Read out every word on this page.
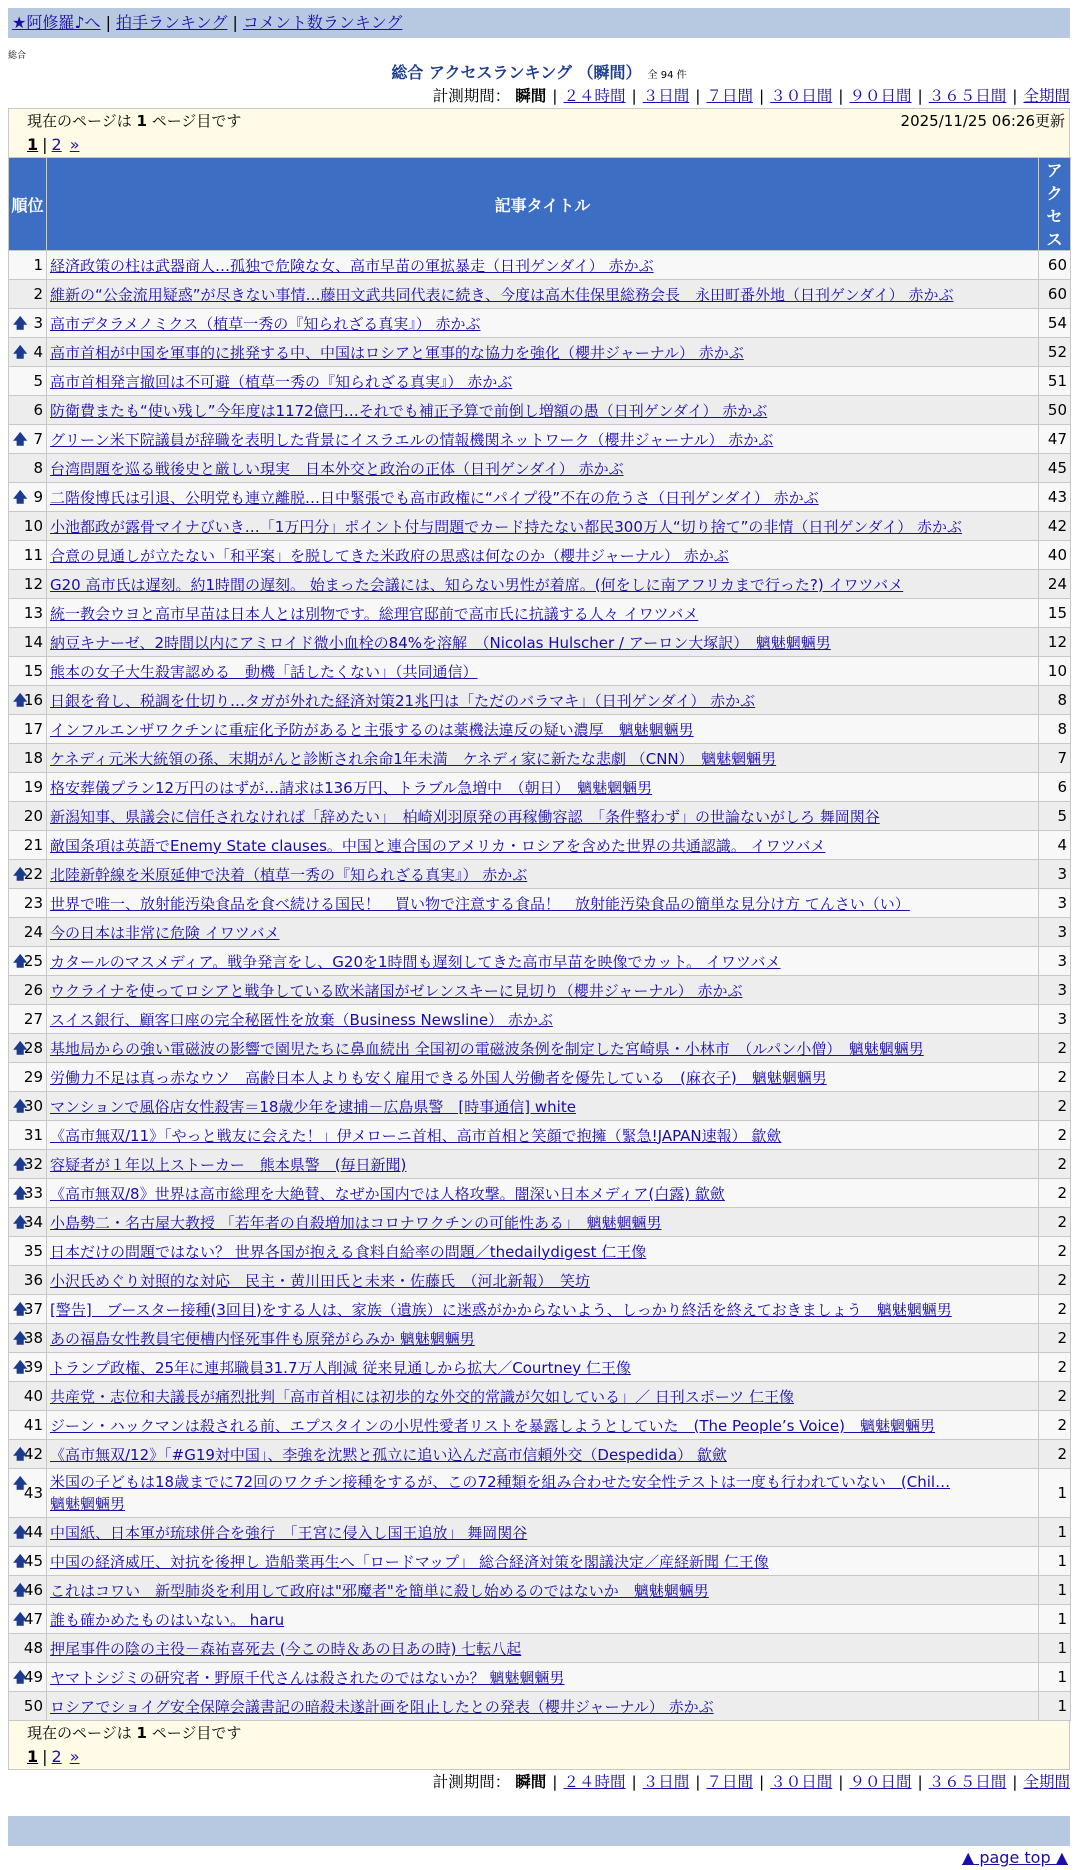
★阿修羅♪へ | 拍手ランキング | コメント数ランキング
総合
総合 アクセスランキング （瞬間） 全 94 件
計測期間： 瞬間 | ２４時間 | ３日間 | ７日間 | ３０日間 | ９０日間 | ３６５日間 | 全期間
現在のページは 1 ページ目です	2025/11/25 06:26更新
1 | 2 »
順位	記事タイトル	アクセス
1	経済政策の柱は武器商人…孤独で危険な女、高市早苗の軍拡暴走（日刊ゲンダイ） 赤かぶ	60
2	維新の“公金流用疑惑”が尽きない事情…藤田文武共同代表に続き、今度は高木佳保里総務会長　永田町番外地（日刊ゲンダイ） 赤かぶ	60

🡅 3	高市デタラメノミクス（植草一秀の『知られざる真実』） 赤かぶ	54

🡅 4	高市首相が中国を軍事的に挑発する中、中国はロシアと軍事的な協力を強化（櫻井ジャーナル） 赤かぶ	52
5	高市首相発言撤回は不可避（植草一秀の『知られざる真実』） 赤かぶ	51
6	防衛費またも“使い残し”今年度は1172億円…それでも補正予算で前倒し増額の愚（日刊ゲンダイ） 赤かぶ	50

🡅 7	グリーン米下院議員が辞職を表明した背景にイスラエルの情報機関ネットワーク（櫻井ジャーナル） 赤かぶ	47
8	台湾問題を巡る戦後史と厳しい現実　日本外交と政治の正体（日刊ゲンダイ） 赤かぶ	45

🡅 9	二階俊博氏は引退、公明党も連立離脱…日中緊張でも高市政権に“パイプ役”不在の危うさ（日刊ゲンダイ） 赤かぶ	43
10	小池都政が露骨マイナびいき…「1万円分」ポイント付与問題でカード持たない都民300万人“切り捨て”の非情（日刊ゲンダイ） 赤かぶ	42
11	合意の見通しが立たない「和平案」を脱してきた米政府の思惑は何なのか（櫻井ジャーナル） 赤かぶ	40
12	G20 高市氏は遅刻。約1時間の遅刻。 始まった会議には、知らない男性が着席。(何をしに南アフリカまで行った?) イワツバメ	24
13	統一教会ウヨと高市早苗は日本人とは別物です。総理官邸前で高市氏に抗議する人々 イワツバメ	15
14	納豆キナーゼ、2時間以内にアミロイド微小血栓の84%を溶解　（Nicolas Hulscher / アーロン大塚訳）　魑魅魍魎男	12
15	熊本の女子大生殺害認める　動機「話したくない」（共同通信）	10

🡅
16	日銀を脅し、税調を仕切り…タガが外れた経済対策21兆円は「ただのバラマキ」（日刊ゲンダイ） 赤かぶ	8
17	インフルエンザワクチンに重症化予防があると主張するのは薬機法違反の疑い濃厚　魑魅魍魎男	8
18	ケネディ元米大統領の孫、末期がんと診断され余命1年未満　ケネディ家に新たな悲劇 （CNN）　魑魅魍魎男	7
19	格安葬儀プラン12万円のはずが…請求は136万円、トラブル急増中　（朝日）　魑魅魍魎男	6
20	新潟知事、県議会に信任されなければ「辞めたい」　柏崎刈羽原発の再稼働容認　「条件整わず」の世論ないがしろ 舞岡関谷	5
21	敵国条項は英語でEnemy State clauses。中国と連合国のアメリカ・ロシアを含めた世界の共通認識。 イワツバメ	4

🡅
22	北陸新幹線を米原延伸で決着（植草一秀の『知られざる真実』） 赤かぶ	3
23	世界で唯一、放射能汚染食品を食べ続ける国民！　買い物で注意する食品！　放射能汚染食品の簡単な見分け方 てんさい（い）	3
24	今の日本は非常に危険 イワツバメ	3

🡅
25	カタールのマスメディア。戦争発言をし、G20を1時間も遅刻してきた高市早苗を映像でカット。 イワツバメ	3
26	ウクライナを使ってロシアと戦争している欧米諸国がゼレンスキーに見切り（櫻井ジャーナル） 赤かぶ	3
27	スイス銀行、顧客口座の完全秘匿性を放棄（Business Newsline） 赤かぶ	3

🡅
28	基地局からの強い電磁波の影響で園児たちに鼻血続出 全国初の電磁波条例を制定した宮崎県・小林市　（ルパン小僧）　魑魅魍魎男	2
29	労働力不足は真っ赤なウソ　高齢日本人よりも安く雇用できる外国人労働者を優先している　(麻衣子)　魑魅魍魎男	2

🡅
30	マンションで風俗店女性殺害＝18歳少年を逮捕－広島県警　[時事通信] white	2
31	《高市無双/11》「やっと戦友に会えた！」伊メローニ首相、高市首相と笑顔で抱擁（緊急!JAPAN速報） 歙歛	2

🡅
32	容疑者が１年以上ストーカー　熊本県警　(毎日新聞)	2

🡅
33	《高市無双/8》世界は高市総理を大絶賛、なぜか国内では人格攻撃。闇深い日本メディア(白露) 歙歛	2

🡅
34	小島勢二・名古屋大教授 「若年者の自殺増加はコロナワクチンの可能性ある」　魑魅魍魎男	2
35	日本だけの問題ではない？ 世界各国が抱える食料自給率の問題／thedailydigest 仁王像	2
36	小沢氏めぐり対照的な対応　民主・黄川田氏と未来・佐藤氏　（河北新報）　笑坊	2

🡅
37	[警告]　ブースター接種(3回目)をする人は、家族（遺族）に迷惑がかからないよう、しっかり終活を終えておきましょう　魑魅魍魎男	2

🡅
38	あの福島女性教員宅便槽内怪死事件も原発がらみか 魑魅魍魎男	2

🡅
39	トランプ政権、25年に連邦職員31.7万人削減 従来見通しから拡大／Courtney 仁王像	2
40	共産党・志位和夫議長が痛烈批判「高市首相には初歩的な外交的常識が欠如している」／ 日刊スポーツ 仁王像	2
41	ジーン・ハックマンは殺される前、エプスタインの小児性愛者リストを暴露しようとしていた　(The People’s Voice)　魑魅魍魎男	2

🡅
42	《高市無双/12》「#G19対中国」、李強を沈黙と孤立に追い込んだ高市信頼外交（Despedida） 歙歛	2

🡅
43	米国の子どもは18歳までに72回のワクチン接種をするが、この72種類を組み合わせた安全性テストは一度も行われていない　(Chil…
魑魅魍魎男	1

🡅
44	中国紙、日本軍が琉球併合を強行　「王宮に侵入し国王追放」 舞岡関谷	1

🡅
45	中国の経済威圧、対抗を後押し 造船業再生へ「ロードマップ」 総合経済対策を閣議決定／産経新聞 仁王像	1

🡅
46	これはコワい　新型肺炎を利用して政府は"邪魔者"を簡単に殺し始めるのではないか　魑魅魍魎男	1

🡅
47	誰も確かめたものはいない。 haru	1
48	押尾事件の陰の主役－森祐喜死去 (今この時＆あの日あの時) 七転八起	1

🡅
49	ヤマトシジミの研究者・野原千代さんは殺されたのではないか？ 魑魅魍魎男	1
50	ロシアでショイグ安全保障会議書記の暗殺未遂計画を阻止したとの発表（櫻井ジャーナル） 赤かぶ	1
現在のページは 1 ページ目です
1 | 2 »
計測期間： 瞬間 | ２４時間 | ３日間 | ７日間 | ３０日間 | ９０日間 | ３６５日間 | 全期間
▲ page top ▲
